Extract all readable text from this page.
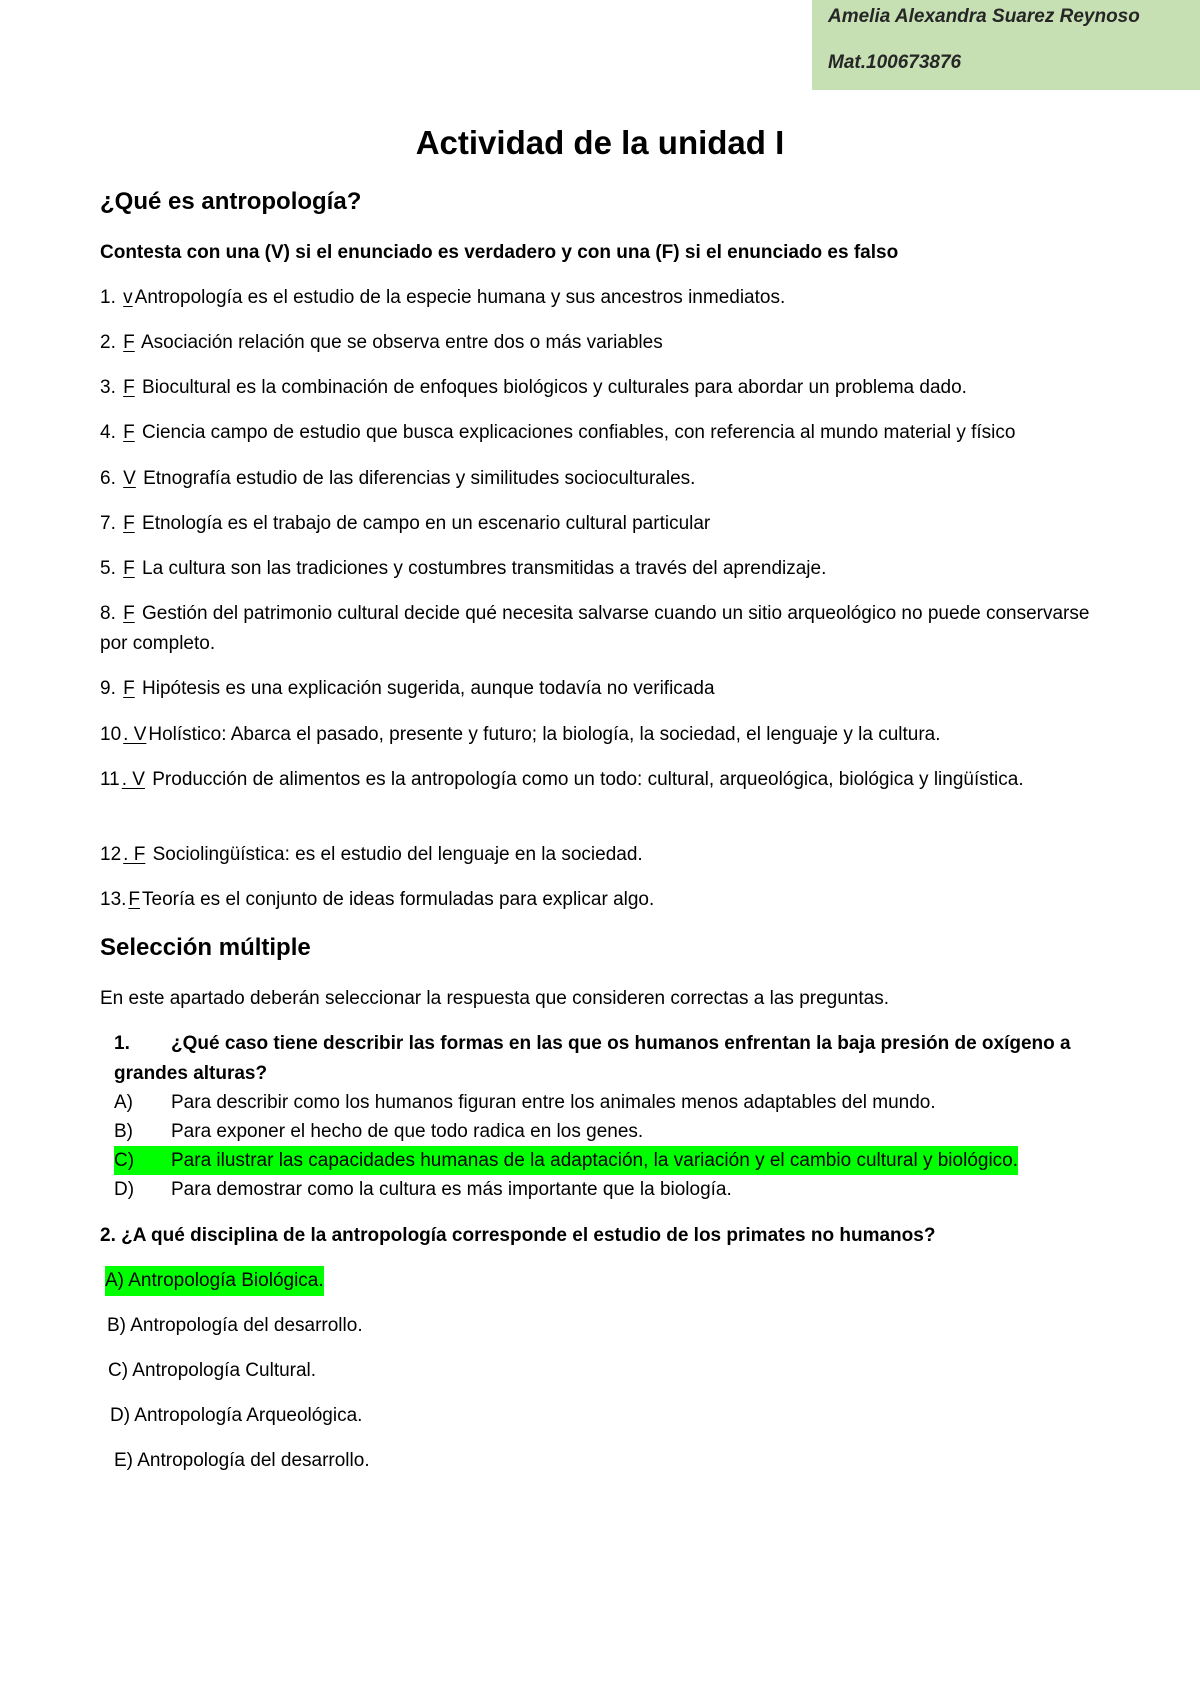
Amelia Alexandra Suarez Reynoso
Mat.100673876
Actividad de la unidad I
¿Qué es antropología?

Contesta con una (V) si el enunciado es verdadero y con una (F) si el enunciado es falso

1. vAntropología es el estudio de la especie humana y sus ancestros inmediatos.
2. F Asociación relación que se observa entre dos o más variables
3. F Biocultural es la combinación de enfoques biológicos y culturales para abordar un problema dado.
4. F Ciencia campo de estudio que busca explicaciones confiables, con referencia al mundo material y físico
6. V Etnografía estudio de las diferencias y similitudes socioculturales.
7. F Etnología es el trabajo de campo en un escenario cultural particular
5. F La cultura son las tradiciones y costumbres transmitidas a través del aprendizaje.
8. F Gestión del patrimonio cultural decide qué necesita salvarse cuando un sitio arqueológico no puede conservarse por completo.
9. F Hipótesis es una explicación sugerida, aunque todavía no verificada
10 . VHolístico: Abarca el pasado, presente y futuro; la biología, la sociedad, el lenguaje y la cultura.
11 . V Producción de alimentos es la antropología como un todo: cultural, arqueológica, biológica y lingüística.
12 . F Sociolingüística: es el estudio del lenguaje en la sociedad.
13.FTeoría es el conjunto de ideas formuladas para explicar algo.
Selección múltiple

En este apartado deberán seleccionar la respuesta que consideren correctas a las preguntas.

1. ¿Qué caso tiene describir las formas en las que os humanos enfrentan la baja presión de oxígeno a grandes alturas?
A) Para describir como los humanos figuran entre los animales menos adaptables del mundo.
B) Para exponer el hecho de que todo radica en los genes.
C) Para ilustrar las capacidades humanas de la adaptación, la variación y el cambio cultural y biológico.
D) Para demostrar como la cultura es más importante que la biología.
2. ¿A qué disciplina de la antropología corresponde el estudio de los primates no humanos?
A) Antropología Biológica.
B) Antropología del desarrollo.
C) Antropología Cultural.
D) Antropología Arqueológica.
E) Antropología del desarrollo.
